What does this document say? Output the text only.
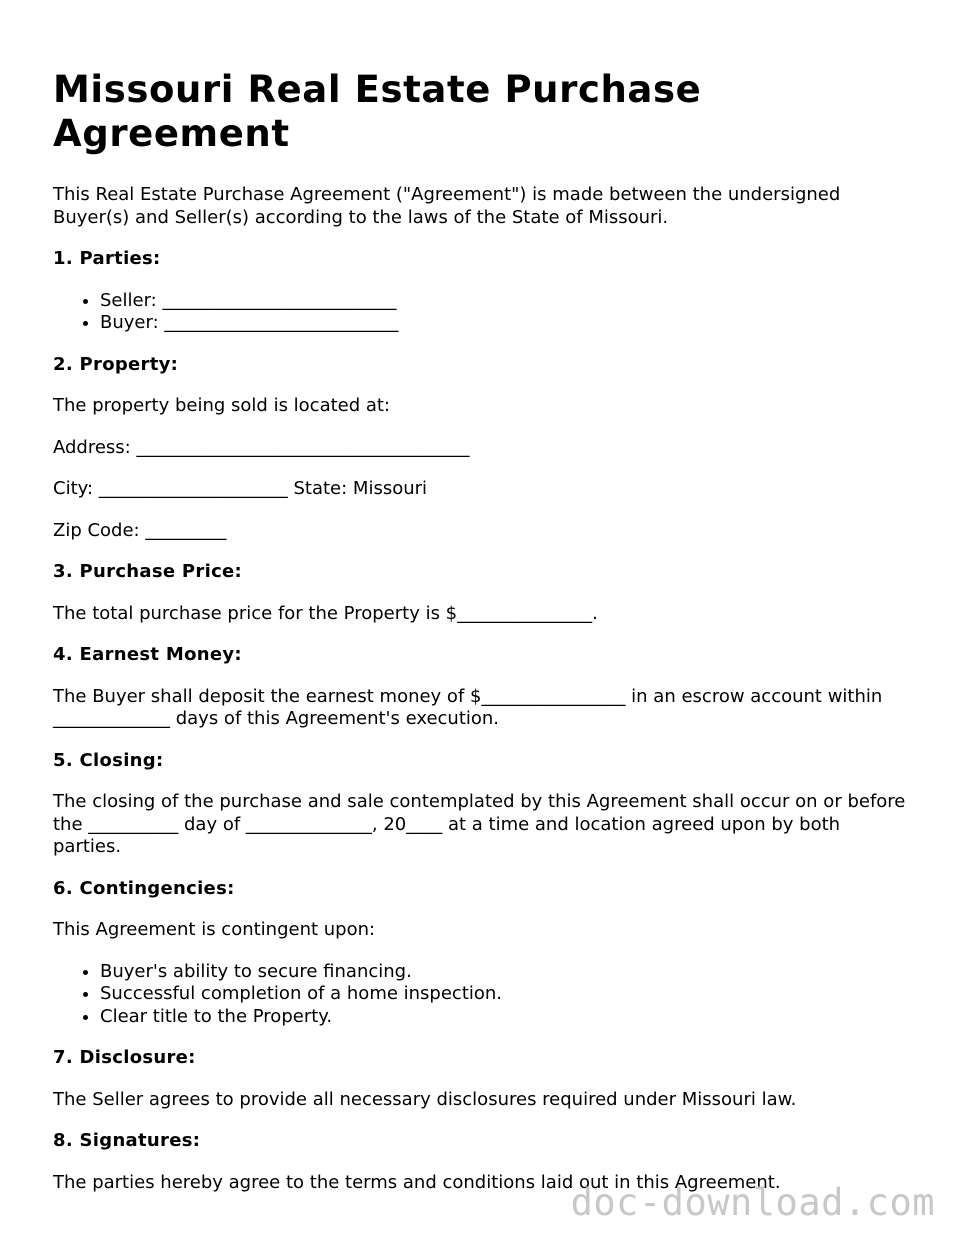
Missouri Real Estate Purchase Agreement

This Real Estate Purchase Agreement ("Agreement") is made between the undersigned Buyer(s) and Seller(s) according to the laws of the State of Missouri.

1. Parties:
• Seller: __________________________
• Buyer: __________________________
2. Property:

The property being sold is located at:

Address: _____________________________________

City: _____________________ State: Missouri

Zip Code: _________

3. Purchase Price:

The total purchase price for the Property is $_______________.

4. Earnest Money:

The Buyer shall deposit the earnest money of $________________ in an escrow account within _____________ days of this Agreement's execution.

5. Closing:

The closing of the purchase and sale contemplated by this Agreement shall occur on or before the __________ day of ______________, 20____ at a time and location agreed upon by both parties.

6. Contingencies:

This Agreement is contingent upon:

• Buyer's ability to secure financing.
• Successful completion of a home inspection.
• Clear title to the Property.
7. Disclosure:

The Seller agrees to provide all necessary disclosures required under Missouri law.

8. Signatures:

The parties hereby agree to the terms and conditions laid out in this Agreement.

doc-download.com
